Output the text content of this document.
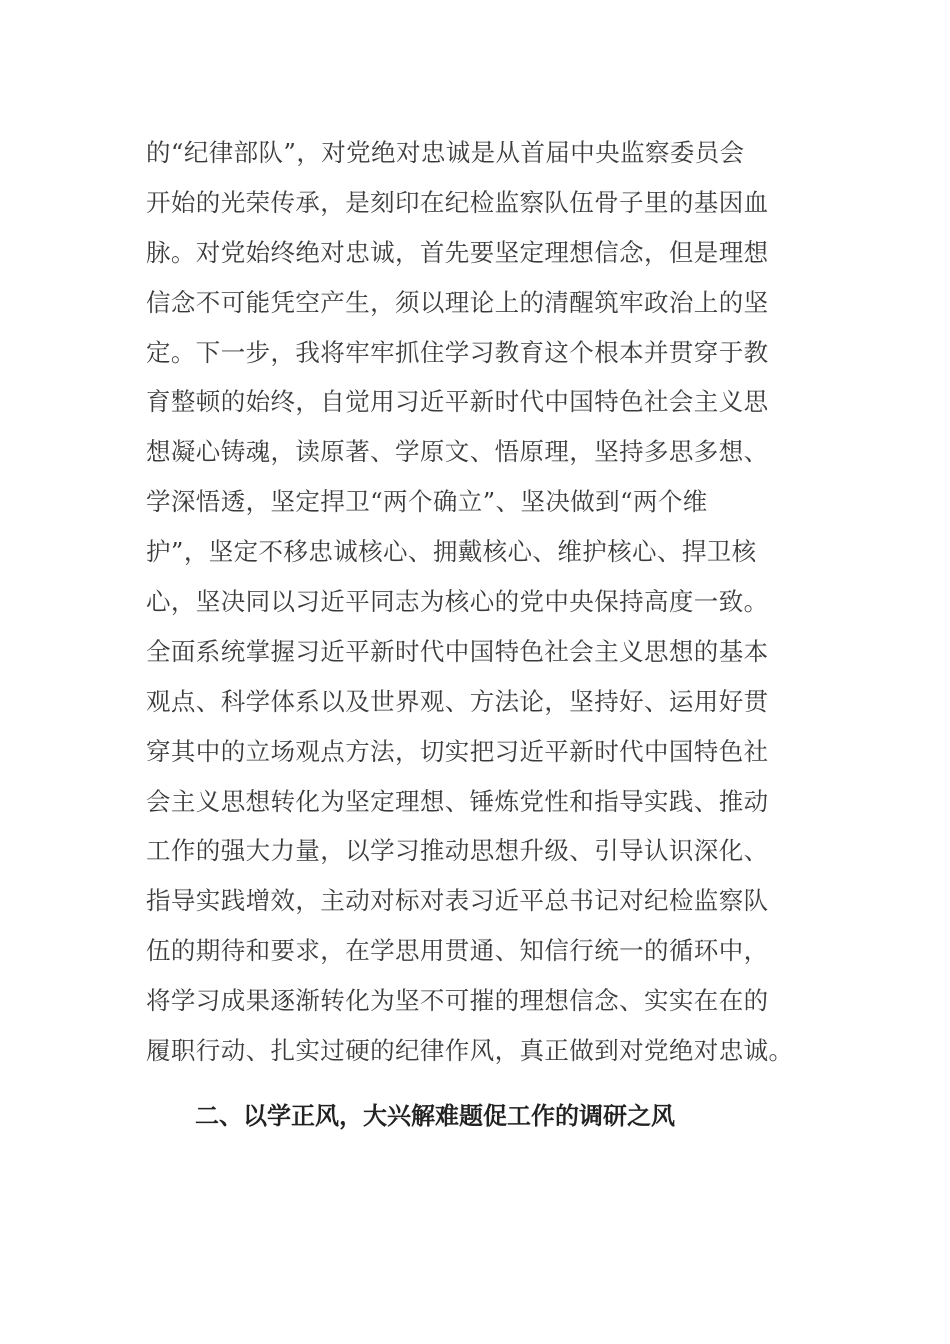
的“纪律部队”，对党绝对忠诚是从首届中央监察委员会
开始的光荣传承，是刻印在纪检监察队伍骨子里的基因血
脉。对党始终绝对忠诚，首先要坚定理想信念，但是理想
信念不可能凭空产生，须以理论上的清醒筑牢政治上的坚
定。下一步，我将牢牢抓住学习教育这个根本并贯穿于教
育整顿的始终，自觉用习近平新时代中国特色社会主义思
想凝心铸魂，读原著、学原文、悟原理，坚持多思多想、
学深悟透，坚定捍卫“两个确立”、坚决做到“两个维
护”，坚定不移忠诚核心、拥戴核心、维护核心、捍卫核
心，坚决同以习近平同志为核心的党中央保持高度一致。
全面系统掌握习近平新时代中国特色社会主义思想的基本
观点、科学体系以及世界观、方法论，坚持好、运用好贯
穿其中的立场观点方法，切实把习近平新时代中国特色社
会主义思想转化为坚定理想、锤炼党性和指导实践、推动
工作的强大力量，以学习推动思想升级、引导认识深化、
指导实践增效，主动对标对表习近平总书记对纪检监察队
伍的期待和要求，在学思用贯通、知信行统一的循环中，
将学习成果逐渐转化为坚不可摧的理想信念、实实在在的
履职行动、扎实过硬的纪律作风，真正做到对党绝对忠诚。
二、以学正风，大兴解难题促工作的调研之风
